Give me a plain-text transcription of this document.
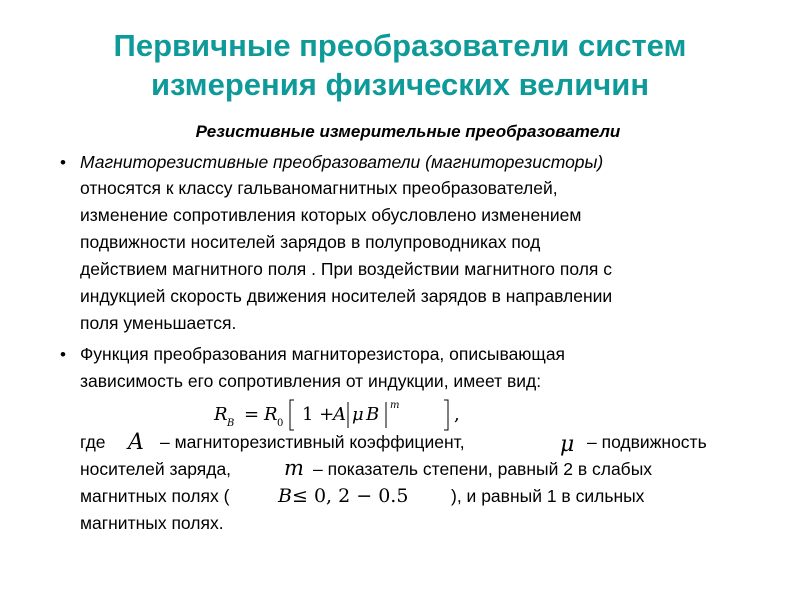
Первичные преобразователи систем
измерения физических величин
Резистивные измерительные преобразователи
• Магниторезистивные преобразователи (магниторезисторы)
относятся к классу гальваномагнитных преобразователей,
изменение сопротивления которых обусловлено изменением
подвижности носителей зарядов в полупроводниках под
действием магнитного поля . При воздействии магнитного поля с
индукцией скорость движения носителей зарядов в направлении
поля уменьшается.
• Функция преобразования магниторезистора, описывающая
зависимость его сопротивления от индукции, имеет вид:
R B = R 0 1 +
A μ B m	,
где A – магниторезистивный коэффициент,	μ – подвижность
носителей заряда,	m – показатель степени, равный 2 в слабых
магнитных полях (	B ≤ 0, 2 − 0.5 ), и равный 1 в сильных
магнитных полях.
